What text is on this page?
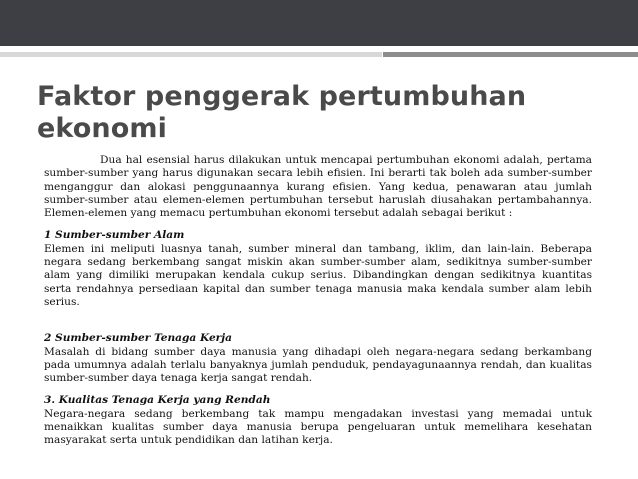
Faktor penggerak pertumbuhan ekonomi

Dua hal esensial harus dilakukan untuk mencapai pertumbuhan ekonomi adalah, pertama sumber-sumber yang harus digunakan secara lebih efisien. Ini berarti tak boleh ada sumber-sumber menganggur dan alokasi penggunaannya kurang efisien. Yang kedua, penawaran atau jumlah sumber-sumber atau elemen-elemen pertumbuhan tersebut haruslah diusahakan pertambahannya. Elemen-elemen yang memacu pertumbuhan ekonomi tersebut adalah sebagai berikut :

1 Sumber-sumber Alam

Elemen ini meliputi luasnya tanah, sumber mineral dan tambang, iklim, dan lain-lain. Beberapa negara sedang berkembang sangat miskin akan sumber-sumber alam, sedikitnya sumber-sumber alam yang dimiliki merupakan kendala cukup serius. Dibandingkan dengan sedikitnya kuantitas serta rendahnya persediaan kapital dan sumber tenaga manusia maka kendala sumber alam lebih serius.

2 Sumber-sumber Tenaga Kerja

Masalah di bidang sumber daya manusia yang dihadapi oleh negara-negara sedang berkambang pada umumnya adalah terlalu banyaknya jumlah penduduk, pendayagunaannya rendah, dan kualitas sumber-sumber daya tenaga kerja sangat rendah.

3. Kualitas Tenaga Kerja yang Rendah

Negara-negara sedang berkembang tak mampu mengadakan investasi yang memadai untuk menaikkan kualitas sumber daya manusia berupa pengeluaran untuk memelihara kesehatan masyarakat serta untuk pendidikan dan latihan kerja.
